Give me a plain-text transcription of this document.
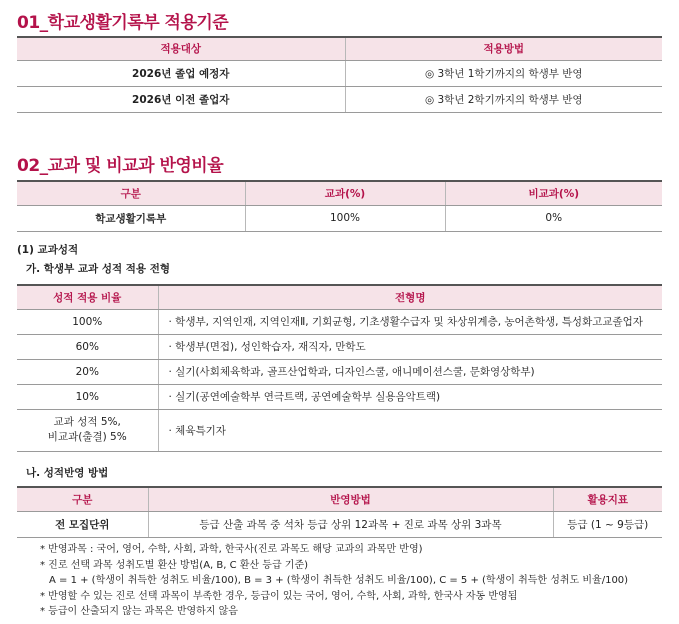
01_학교생활기록부 적용기준
적용대상	적용방법
2026년 졸업 예정자	◎ 3학년 1학기까지의 학생부 반영
2026년 이전 졸업자	◎ 3학년 2학기까지의 학생부 반영
02_교과 및 비교과 반영비율
구분	교과(%)	비교과(%)
학교생활기록부	100%	0%
(1) 교과성적
가. 학생부 교과 성적 적용 전형
성적 적용 비율	전형명
100%	· 학생부, 지역인재, 지역인재Ⅱ, 기회균형, 기초생활수급자 및 차상위계층, 농어촌학생, 특성화고교졸업자
60%	· 학생부(면접), 성인학습자, 재직자, 만학도
20%	· 실기(사회체육학과, 골프산업학과, 디자인스쿨, 애니메이션스쿨, 문화영상학부)
10%	· 실기(공연예술학부 연극트랙, 공연예술학부 실용음악트랙)

교과 성적 5%,
비교과(출결) 5%	· 체육특기자
나. 성적반영 방법
구분	반영방법	활용지표
전 모집단위	등급 산출 과목 중 석차 등급 상위 12과목 + 진로 과목 상위 3과목	등급 (1 ~ 9등급)
* 반영과목 : 국어, 영어, 수학, 사회, 과학, 한국사(진로 과목도 해당 교과의 과목만 반영)
* 진로 선택 과목 성취도별 환산 방법(A, B, C 환산 등급 기준)
A = 1 + (학생이 취득한 성취도 비율/100), B = 3 + (학생이 취득한 성취도 비율/100), C = 5 + (학생이 취득한 성취도 비율/100)
* 반영할 수 있는 진로 선택 과목이 부족한 경우, 등급이 있는 국어, 영어, 수학, 사회, 과학, 한국사 자동 반영됨
* 등급이 산출되지 않는 과목은 반영하지 않음
